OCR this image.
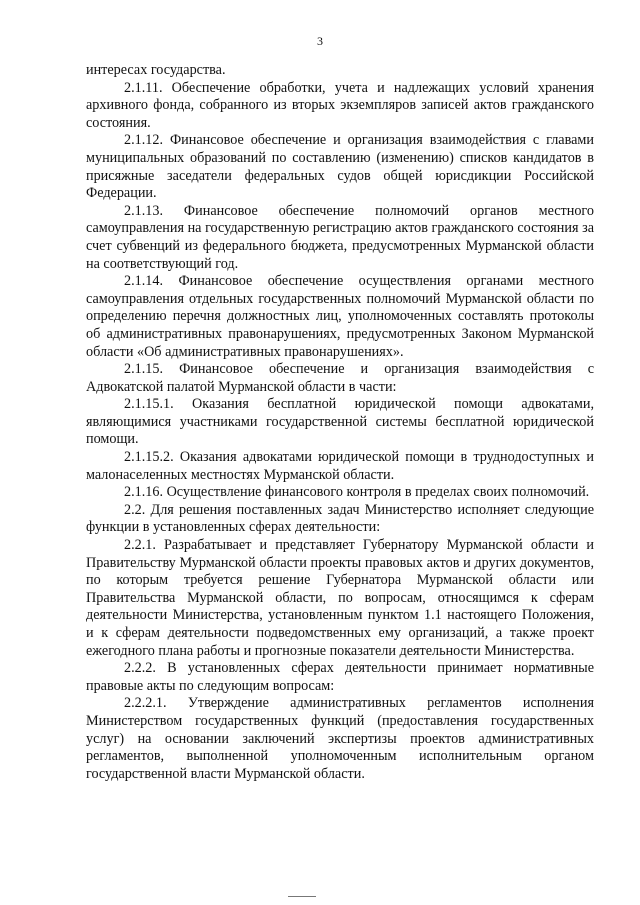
3

интересах государства.

2.1.11. Обеспечение обработки, учета и надлежащих условий хранения архивного фонда, собранного из вторых экземпляров записей актов гражданского состояния.

2.1.12. Финансовое обеспечение и организация взаимодействия с главами муниципальных образований по составлению (изменению) списков кандидатов в присяжные заседатели федеральных судов общей юрисдикции Российской Федерации.

2.1.13. Финансовое обеспечение полномочий органов местного самоуправления на государственную регистрацию актов гражданского состояния за счет субвенций из федерального бюджета, предусмотренных Мурманской области на соответствующий год.

2.1.14. Финансовое обеспечение осуществления органами местного самоуправления отдельных государственных полномочий Мурманской области по определению перечня должностных лиц, уполномоченных составлять протоколы об административных правонарушениях, предусмотренных Законом Мурманской области «Об административных правонарушениях».

2.1.15. Финансовое обеспечение и организация взаимодействия с Адвокатской палатой Мурманской области в части:

2.1.15.1. Оказания бесплатной юридической помощи адвокатами, являющимися участниками государственной системы бесплатной юридической помощи.

2.1.15.2. Оказания адвокатами юридической помощи в труднодоступных и малонаселенных местностях Мурманской области.

2.1.16. Осуществление финансового контроля в пределах своих полномочий.

2.2. Для решения поставленных задач Министерство исполняет следующие функции в установленных сферах деятельности:

2.2.1. Разрабатывает и представляет Губернатору Мурманской области и Правительству Мурманской области проекты правовых актов и других документов, по которым требуется решение Губернатора Мурманской области или Правительства Мурманской области, по вопросам, относящимся к сферам деятельности Министерства, установленным пунктом 1.1 настоящего Положения, и к сферам деятельности подведомственных ему организаций, а также проект ежегодного плана работы и прогнозные показатели деятельности Министерства.

2.2.2. В установленных сферах деятельности принимает нормативные правовые акты по следующим вопросам:

2.2.2.1. Утверждение административных регламентов исполнения Министерством государственных функций (предоставления государственных услуг) на основании заключений экспертизы проектов административных регламентов, выполненной уполномоченным исполнительным органом государственной власти Мурманской области.
